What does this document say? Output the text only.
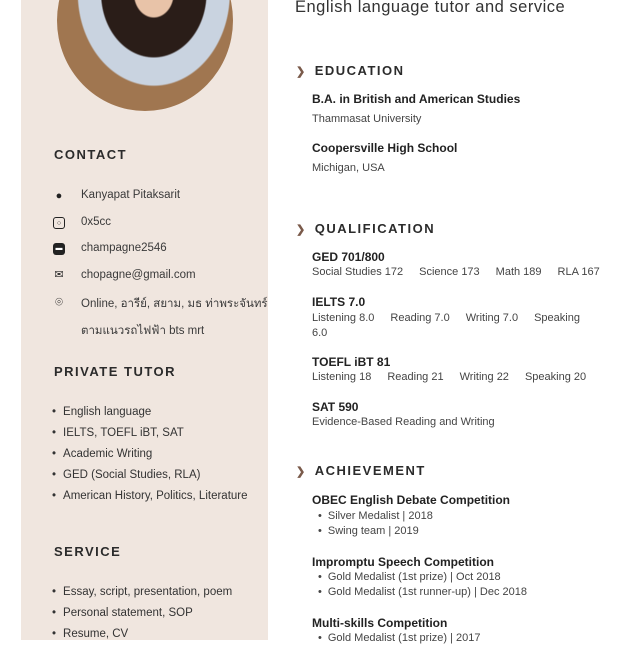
CONTACT
● Kanyapat Pitaksarit
○	0x5cc
▬ champagne2546
✉ chopagne@gmail.com
⌾ Online, อารีย์, สยาม, มธ ท่าพระจันทร์
ตามแนวรถไฟฟ้า bts mrt
PRIVATE TUTOR
• English language
• IELTS, TOEFL iBT, SAT
• Academic Writing
• GED (Social Studies, RLA)
• American History, Politics, Literature
SERVICE
• Essay, script, presentation, poem
• Personal statement, SOP
• Resume, CV
English language tutor and service
❯ EDUCATION
B.A. in British and American Studies
Thammasat University
Coopersville High School
Michigan, USA
❯ QUALIFICATION
GED 701/800
Social Studies 172 Science 173 Math 189 RLA 167
IELTS 7.0
Listening 8.0 Reading 7.0 Writing 7.0 Speaking 6.0
TOEFL iBT 81
Listening 18 Reading 21 Writing 22 Speaking 20
SAT 590
Evidence-Based Reading and Writing
❯ ACHIEVEMENT
OBEC English Debate Competition
• Silver Medalist | 2018
• Swing team | 2019
Impromptu Speech Competition
• Gold Medalist (1st prize) | Oct 2018
• Gold Medalist (1st runner-up) | Dec 2018
Multi-skills Competition
• Gold Medalist (1st prize) | 2017
